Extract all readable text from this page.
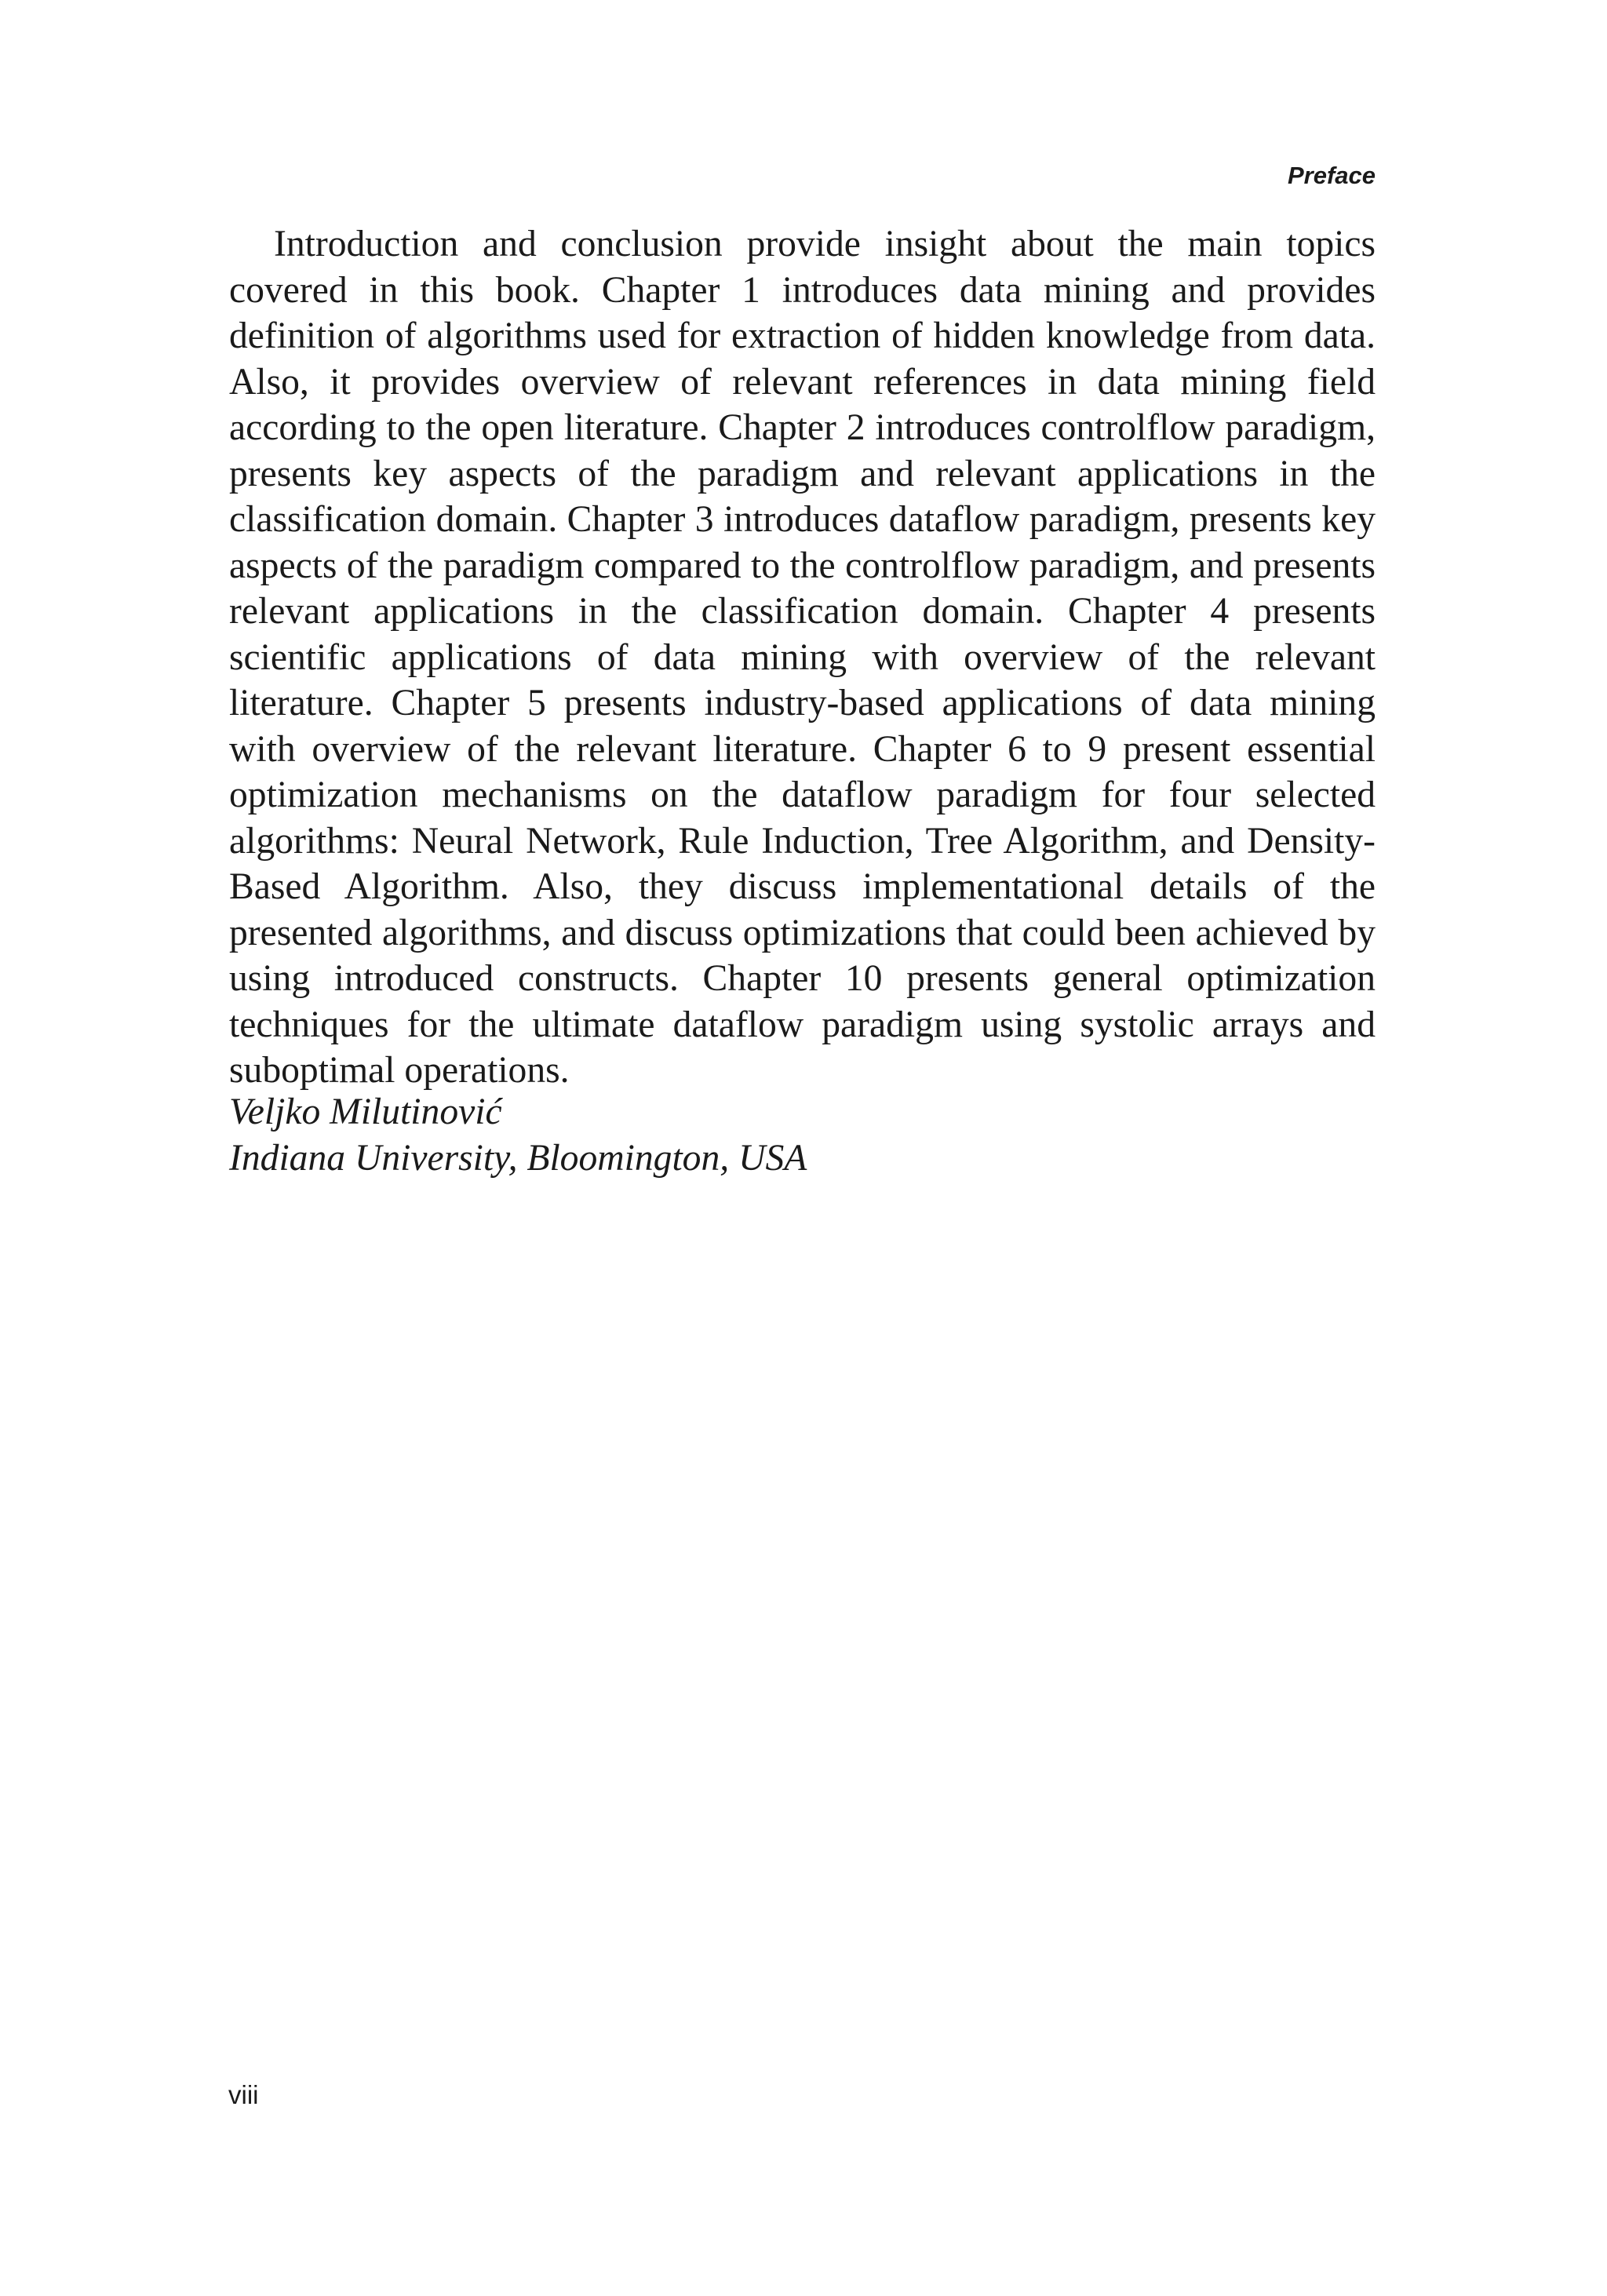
Preface

Introduction and conclusion provide insight about the main topics covered in this book. Chapter 1 introduces data mining and provides definition of algorithms used for extraction of hidden knowledge from data. Also, it provides overview of relevant references in data mining field according to the open literature. Chapter 2 introduces controlflow paradigm, presents key aspects of the paradigm and relevant applications in the classification domain. Chapter 3 introduces dataflow paradigm, presents key aspects of the paradigm compared to the controlflow paradigm, and presents relevant applications in the classification domain. Chapter 4 presents scientific applications of data mining with overview of the relevant literature. Chapter 5 presents industry-based applications of data mining with overview of the relevant literature. Chapter 6 to 9 present essential optimization mechanisms on the dataflow paradigm for four selected algorithms: Neural Network, Rule Induction, Tree Algorithm, and Density-Based Algorithm. Also, they discuss implementational details of the presented algorithms, and discuss optimizations that could been achieved by using introduced constructs. Chapter 10 presents general optimization techniques for the ultimate dataflow paradigm using systolic arrays and suboptimal operations.

Veljko Milutinović
Indiana University, Bloomington, USA
viii
